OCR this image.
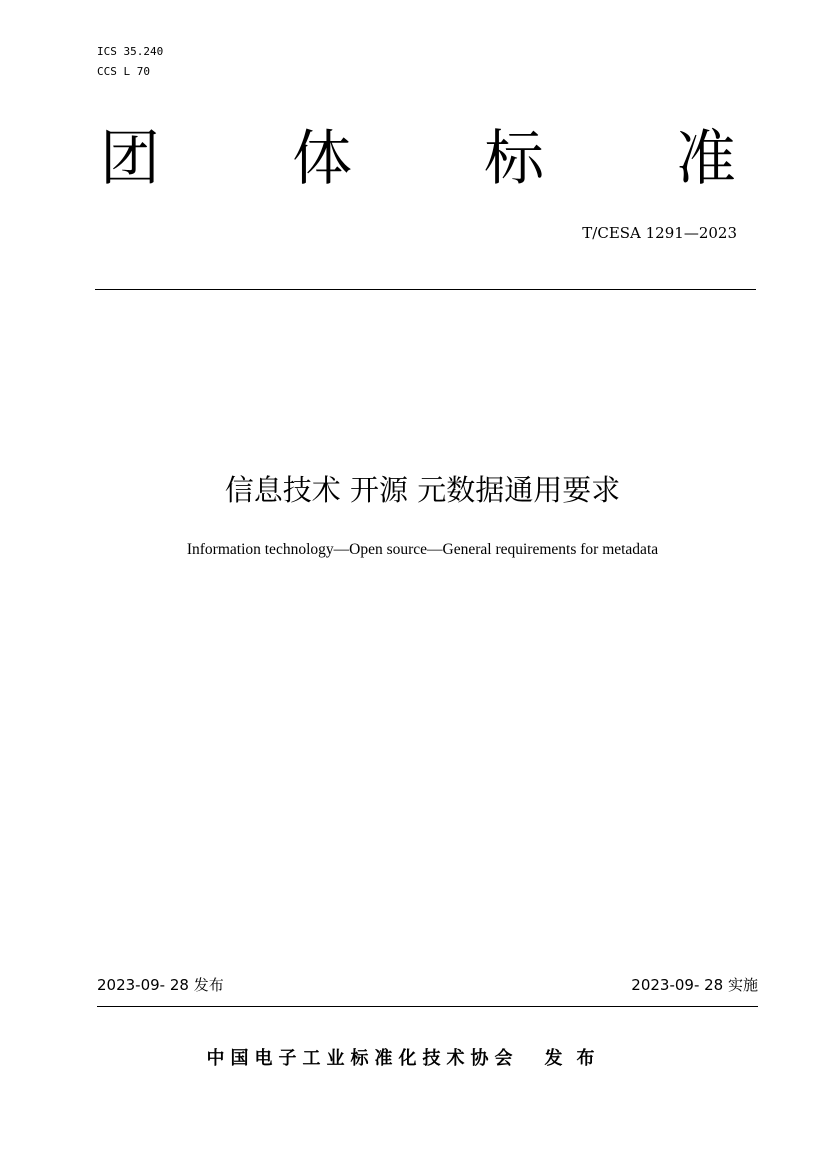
ICS 35.240
CCS L 70
团 体 标 准
T/CESA 1291—2023
信息技术 开源 元数据通用要求
Information technology—Open source—General requirements for metadata
2023-09- 28 发布	2023-09- 28 实施
中国电子工业标准化技术协会 发布
